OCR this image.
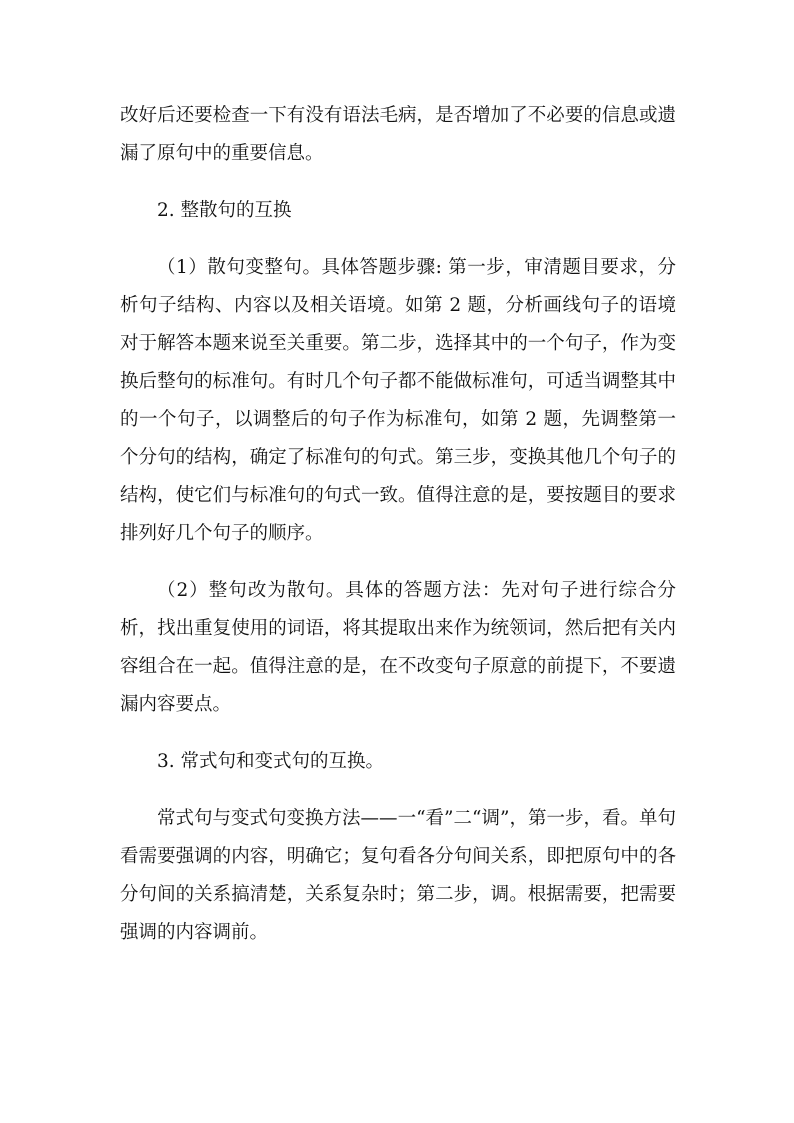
改好后还要检查一下有没有语法毛病，是否增加了不必要的信息或遗漏了原句中的重要信息。

2. 整散句的互换

（1）散句变整句。具体答题步骤: 第一步，审清题目要求，分析句子结构、内容以及相关语境。如第 2 题，分析画线句子的语境对于解答本题来说至关重要。第二步，选择其中的一个句子，作为变换后整句的标准句。有时几个句子都不能做标准句，可适当调整其中的一个句子，以调整后的句子作为标准句，如第 2 题，先调整第一个分句的结构，确定了标准句的句式。第三步，变换其他几个句子的结构，使它们与标准句的句式一致。值得注意的是，要按题目的要求排列好几个句子的顺序。

（2）整句改为散句。具体的答题方法：先对句子进行综合分析，找出重复使用的词语，将其提取出来作为统领词，然后把有关内容组合在一起。值得注意的是，在不改变句子原意的前提下，不要遗漏内容要点。

3. 常式句和变式句的互换。

常式句与变式句变换方法——一“看”二“调”，第一步，看。单句看需要强调的内容，明确它；复句看各分句间关系，即把原句中的各分句间的关系搞清楚，关系复杂时；第二步，调。根据需要，把需要强调的内容调前。
